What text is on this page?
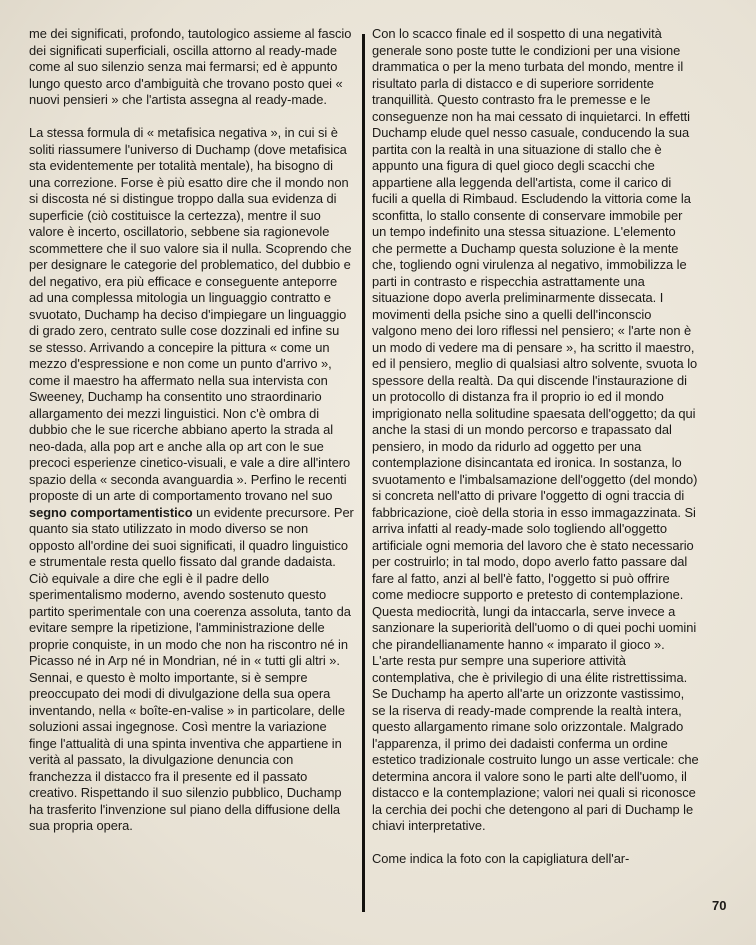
me dei significati, profondo, tautologico assieme al fascio dei significati superficiali, oscilla attorno al ready-made come al suo silenzio senza mai fermarsi; ed è appunto lungo questo arco d'ambiguità che trovano posto quei « nuovi pensieri » che l'artista assegna al ready-made.

La stessa formula di « metafisica negativa », in cui si è soliti riassumere l'universo di Duchamp (dove metafisica sta evidentemente per totalità mentale), ha bisogno di una correzione. Forse è più esatto dire che il mondo non si discosta né si distingue troppo dalla sua evidenza di superficie (ciò costituisce la certezza), mentre il suo valore è incerto, oscillatorio, sebbene sia ragionevole scommettere che il suo valore sia il nulla. Scoprendo che per designare le categorie del problematico, del dubbio e del negativo, era più efficace e conseguente anteporre ad una complessa mitologia un linguaggio contratto e svuotato, Duchamp ha deciso d'impiegare un linguaggio di grado zero, centrato sulle cose dozzinali ed infine su se stesso. Arrivando a concepire la pittura « come un mezzo d'espressione e non come un punto d'arrivo », come il maestro ha affermato nella sua intervista con Sweeney, Duchamp ha consentito uno straordinario allargamento dei mezzi linguistici. Non c'è ombra di dubbio che le sue ricerche abbiano aperto la strada al neo-dada, alla pop art e anche alla op art con le sue precoci esperienze cinetico-visuali, e vale a dire all'intero spazio della « seconda avanguardia ». Perfino le recenti proposte di un arte di comportamento trovano nel suo segno comportamentistico un evidente precursore. Per quanto sia stato utilizzato in modo diverso se non opposto all'ordine dei suoi significati, il quadro linguistico e strumentale resta quello fissato dal grande dadaista. Ciò equivale a dire che egli è il padre dello sperimentalismo moderno, avendo sostenuto questo partito sperimentale con una coerenza assoluta, tanto da evitare sempre la ripetizione, l'amministrazione delle proprie conquiste, in un modo che non ha riscontro né in Picasso né in Arp né in Mondrian, né in « tutti gli altri ». Sennai, e questo è molto importante, si è sempre preoccupato dei modi di divulgazione della sua opera inventando, nella « boîte-en-valise » in particolare, delle soluzioni assai ingegnose. Così mentre la variazione finge l'attualità di una spinta inventiva che appartiene in verità al passato, la divulgazione denuncia con franchezza il distacco fra il presente ed il passato creativo. Rispettando il suo silenzio pubblico, Duchamp ha trasferito l'invenzione sul piano della diffusione della sua propria opera.

Con lo scacco finale ed il sospetto di una negatività generale sono poste tutte le condizioni per una visione drammatica o per la meno turbata del mondo, mentre il risultato parla di distacco e di superiore sorridente tranquillità. Questo contrasto fra le premesse e le conseguenze non ha mai cessato di inquietarci. In effetti Duchamp elude quel nesso casuale, conducendo la sua partita con la realtà in una situazione di stallo che è appunto una figura di quel gioco degli scacchi che appartiene alla leggenda dell'artista, come il carico di fucili a quella di Rimbaud. Escludendo la vittoria come la sconfitta, lo stallo consente di conservare immobile per un tempo indefinito una stessa situazione. L'elemento che permette a Duchamp questa soluzione è la mente che, togliendo ogni virulenza al negativo, immobilizza le parti in contrasto e rispecchia astrattamente una situazione dopo averla preliminarmente dissecata. I movimenti della psiche sino a quelli dell'inconscio valgono meno dei loro riflessi nel pensiero; « l'arte non è un modo di vedere ma di pensare », ha scritto il maestro, ed il pensiero, meglio di qualsiasi altro solvente, svuota lo spessore della realtà. Da qui discende l'instaurazione di un protocollo di distanza fra il proprio io ed il mondo imprigionato nella solitudine spaesata dell'oggetto; da qui anche la stasi di un mondo percorso e trapassato dal pensiero, in modo da ridurlo ad oggetto per una contemplazione disincantata ed ironica. In sostanza, lo svuotamento e l'imbalsamazione dell'oggetto (del mondo) si concreta nell'atto di privare l'oggetto di ogni traccia di fabbricazione, cioè della storia in esso immagazzinata. Si arriva infatti al ready-made solo togliendo all'oggetto artificiale ogni memoria del lavoro che è stato necessario per costruirlo; in tal modo, dopo averlo fatto passare dal fare al fatto, anzi al bell'è fatto, l'oggetto si può offrire come mediocre supporto e pretesto di contemplazione. Questa mediocrità, lungi da intaccarla, serve invece a sanzionare la superiorità dell'uomo o di quei pochi uomini che pirandellianamente hanno « imparato il gioco ». L'arte resta pur sempre una superiore attività contemplativa, che è privilegio di una élite ristrettissima. Se Duchamp ha aperto all'arte un orizzonte vastissimo, se la riserva di ready-made comprende la realtà intera, questo allargamento rimane solo orizzontale. Malgrado l'apparenza, il primo dei dadaisti conferma un ordine estetico tradizionale costruito lungo un asse verticale: che determina ancora il valore sono le parti alte dell'uomo, il distacco e la contemplazione; valori nei quali si riconosce la cerchia dei pochi che detengono al pari di Duchamp le chiavi interpretative.

Come indica la foto con la capigliatura dell'ar-

70
